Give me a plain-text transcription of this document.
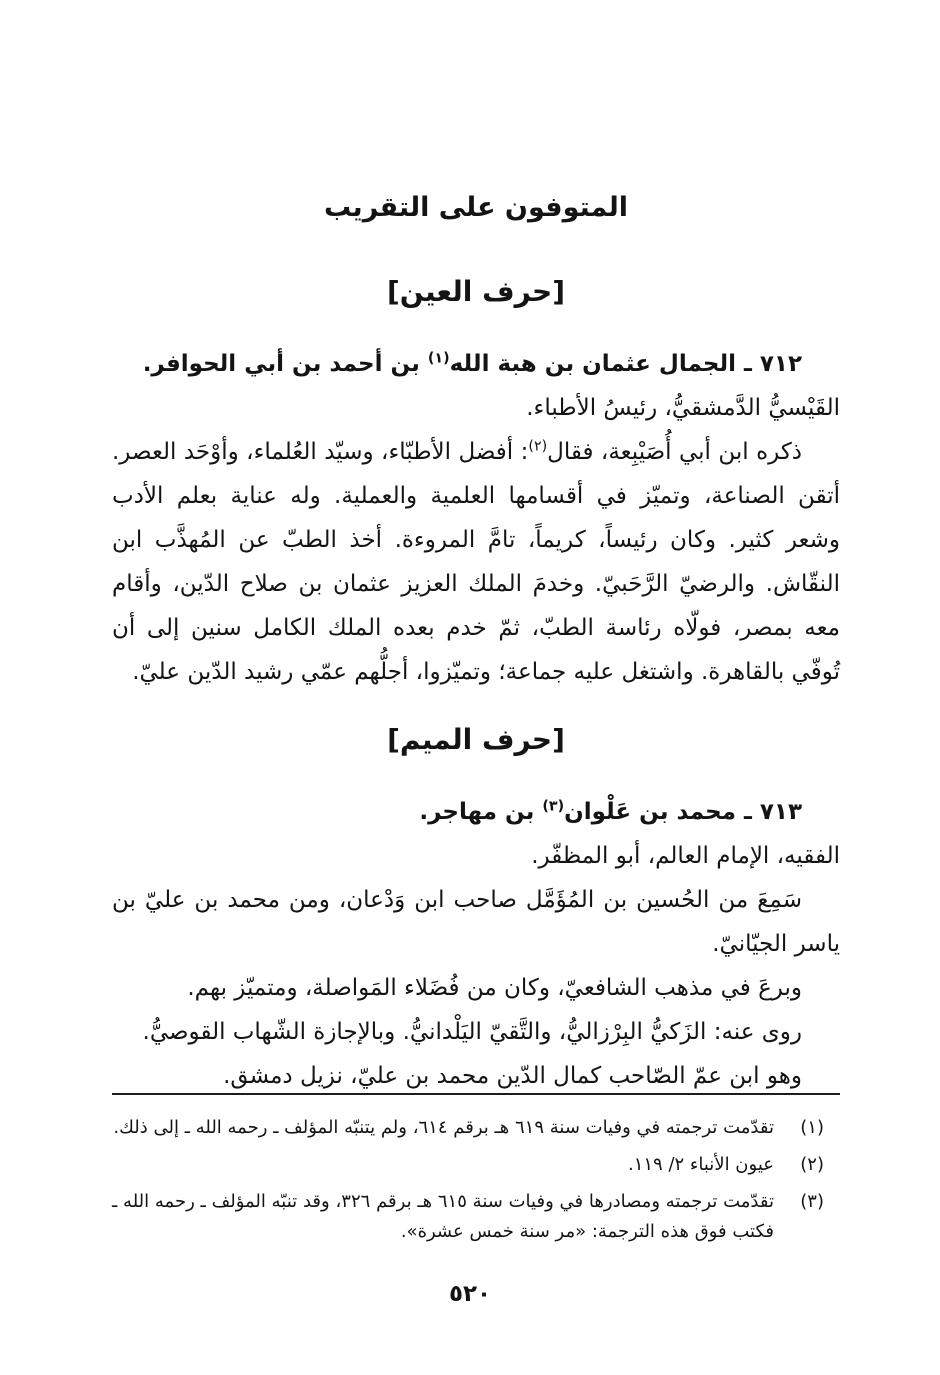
المتوفون على التقريب
[حرف العين]

٧١٢ ـ الجمال عثمان بن هبة الله$^{(١)}$ بن أحمد بن أبي الحوافر.

القَيْسيُّ الدَّمشقيُّ، رئيسُ الأطباء.

ذكره ابن أبي أُصَيْبِعة، فقال$^{(٢)}$: أفضل الأطبّاء، وسيّد العُلماء، وأوْحَد العصر. أتقن الصناعة، وتميّز في أقسامها العلمية والعملية. وله عناية بعلم الأدب وشعر كثير. وكان رئيساً، كريماً، تامَّ المروءة. أخذ الطبّ عن المُهذَّب ابن النقّاش. والرضيّ الرَّحَبيّ. وخدمَ الملك العزيز عثمان بن صلاح الدّين، وأقام معه بمصر، فولّاه رئاسة الطبّ، ثمّ خدم بعده الملك الكامل سنين إلى أن تُوفّي بالقاهرة. واشتغل عليه جماعة؛ وتميّزوا، أجلُّهم عمّي رشيد الدّين عليّ.

[حرف الميم]

٧١٣ ـ محمد بن عَلْوان$^{(٣)}$ بن مهاجر.

الفقيه، الإمام العالم، أبو المظفّر.

سَمِعَ من الحُسين بن المُؤَمَّل صاحب ابن وَدْعان، ومن محمد بن عليّ بن ياسر الجيّانيّ.

وبرعَ في مذهب الشافعيّ، وكان من فُضَلاء المَواصلة، ومتميّز بهم.

روى عنه: الزَكيُّ البِرْزاليُّ، والتَّقيّ اليَلْدانيُّ. وبالإجازة الشّهاب القوصيُّ.

وهو ابن عمّ الصّاحب كمال الدّين محمد بن عليّ، نزيل دمشق.

(١)
تقدّمت ترجمته في وفيات سنة ٦١٩ هـ برقم ٦١٤، ولم يتنبّه المؤلف ـ رحمه الله ـ إلى ذلك.
(٢)
عيون الأنباء ٢/ ١١٩.
(٣)
تقدّمت ترجمته ومصادرها في وفيات سنة ٦١٥ هـ برقم ٣٢٦، وقد تنبّه المؤلف ـ رحمه الله ـ فكتب فوق هذه الترجمة: «مر سنة خمس عشرة».
٥٢٠
